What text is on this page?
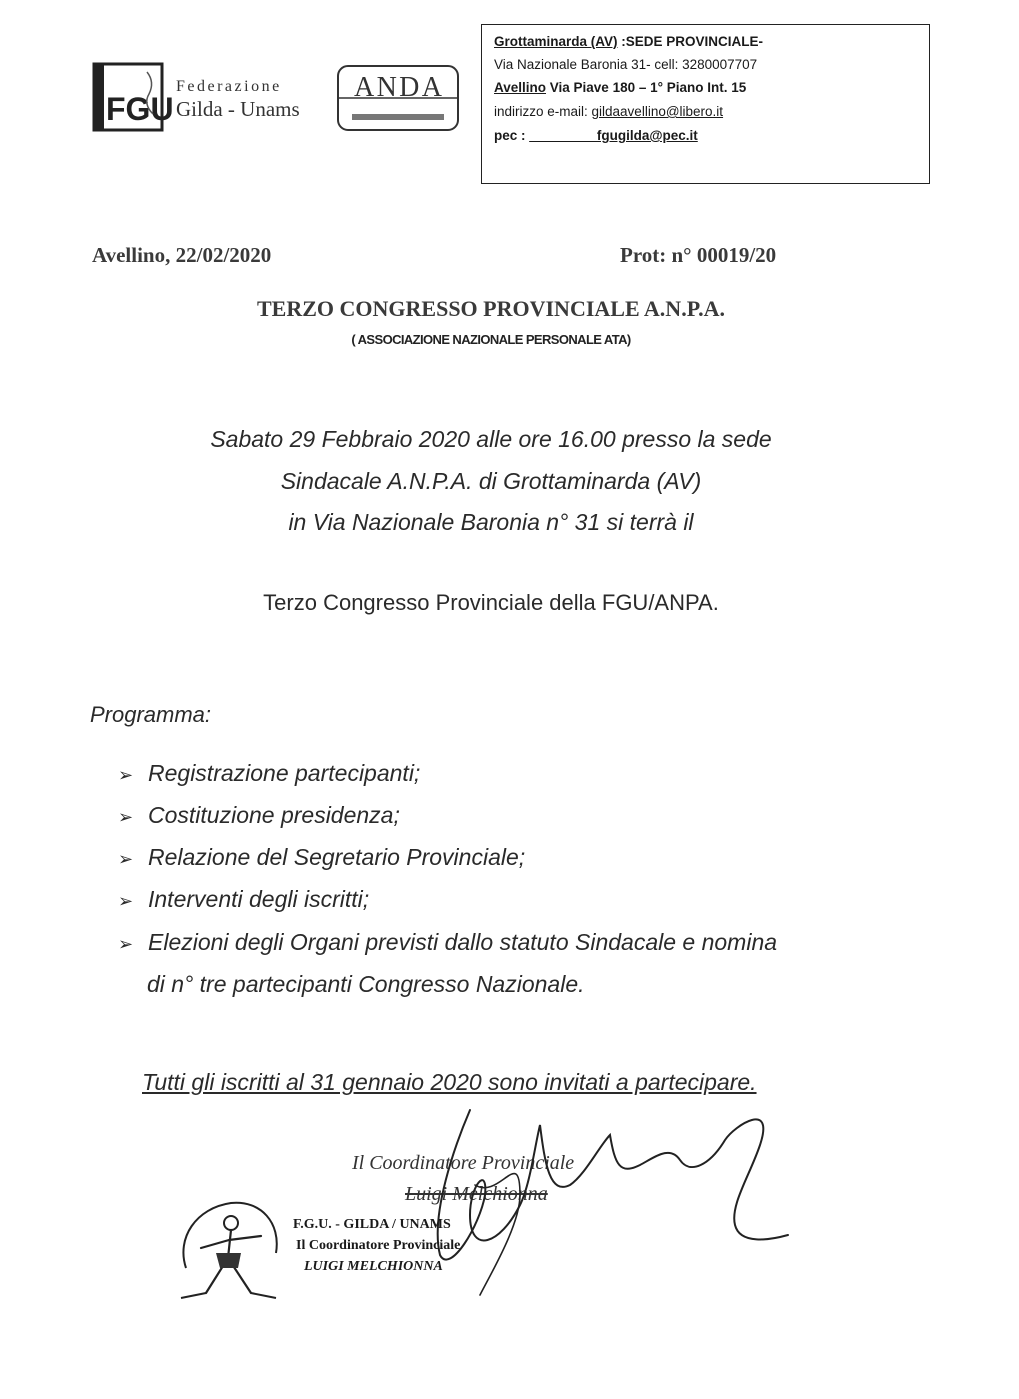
FGU
Federazione
Gilda - Unams
ANDA
Grottaminarda (AV) :SEDE PROVINCIALE-
Via Nazionale Baronia 31- cell: 3280007707
Avellino Via Piave 180 – 1° Piano Int. 15
indirizzo e-mail: gildaavellino@libero.it
pec : _________fgugilda@pec.it
Avellino, 22/02/2020	Prot: n° 00019/20
TERZO CONGRESSO PROVINCIALE A.N.P.A.
( ASSOCIAZIONE NAZIONALE PERSONALE ATA)
Sabato 29 Febbraio 2020 alle ore 16.00 presso la sede
Sindacale A.N.P.A. di Grottaminarda (AV)
in Via Nazionale Baronia n° 31 si terrà il
Terzo Congresso Provinciale della FGU/ANPA.
Programma:
➢ Registrazione partecipanti;
➢ Costituzione presidenza;
➢ Relazione del Segretario Provinciale;
➢ Interventi degli iscritti;
➢ Elezioni degli Organi previsti dallo statuto Sindacale e nomina
di n° tre partecipanti Congresso Nazionale.
Tutti gli iscritti al 31 gennaio 2020 sono invitati a partecipare.
Il Coordinatore Provinciale
Luigi Melchionna
F.G.U. - GILDA / UNAMS
Il Coordinatore Provinciale
LUIGI MELCHIONNA
